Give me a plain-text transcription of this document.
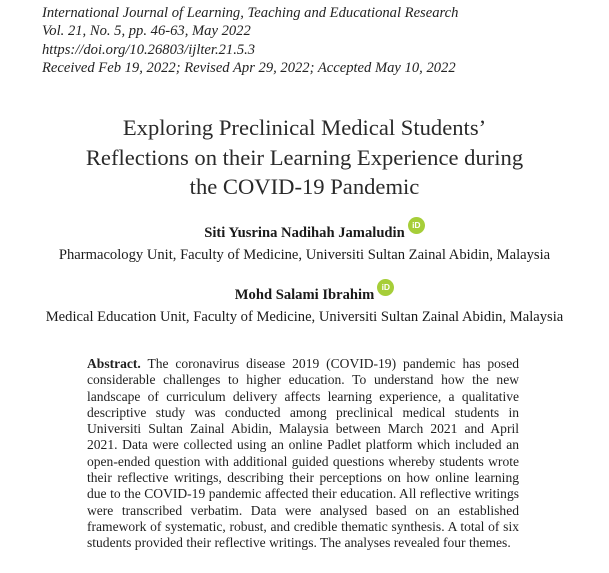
International Journal of Learning, Teaching and Educational Research
Vol. 21, No. 5, pp. 46-63, May 2022
https://doi.org/10.26803/ijlter.21.5.3
Received Feb 19, 2022; Revised Apr 29, 2022; Accepted May 10, 2022
Exploring Preclinical Medical Students’
Reflections on their Learning Experience during
the COVID-19 Pandemic
Siti Yusrina Nadihah Jamaludin iD
Pharmacology Unit, Faculty of Medicine, Universiti Sultan Zainal Abidin, Malaysia
Mohd Salami Ibrahim iD
Medical Education Unit, Faculty of Medicine, Universiti Sultan Zainal Abidin, Malaysia
Abstract. The coronavirus disease 2019 (COVID-19) pandemic has posed considerable challenges to higher education. To understand how the new landscape of curriculum delivery affects learning experience, a qualitative descriptive study was conducted among preclinical medical students in Universiti Sultan Zainal Abidin, Malaysia between March 2021 and April 2021. Data were collected using an online Padlet platform which included an open-ended question with additional guided questions whereby students wrote their reflective writings, describing their perceptions on how online learning due to the COVID-19 pandemic affected their education. All reflective writings were transcribed verbatim. Data were analysed based on an established framework of systematic, robust, and credible thematic synthesis. A total of six students provided their reflective writings. The analyses revealed four themes.
